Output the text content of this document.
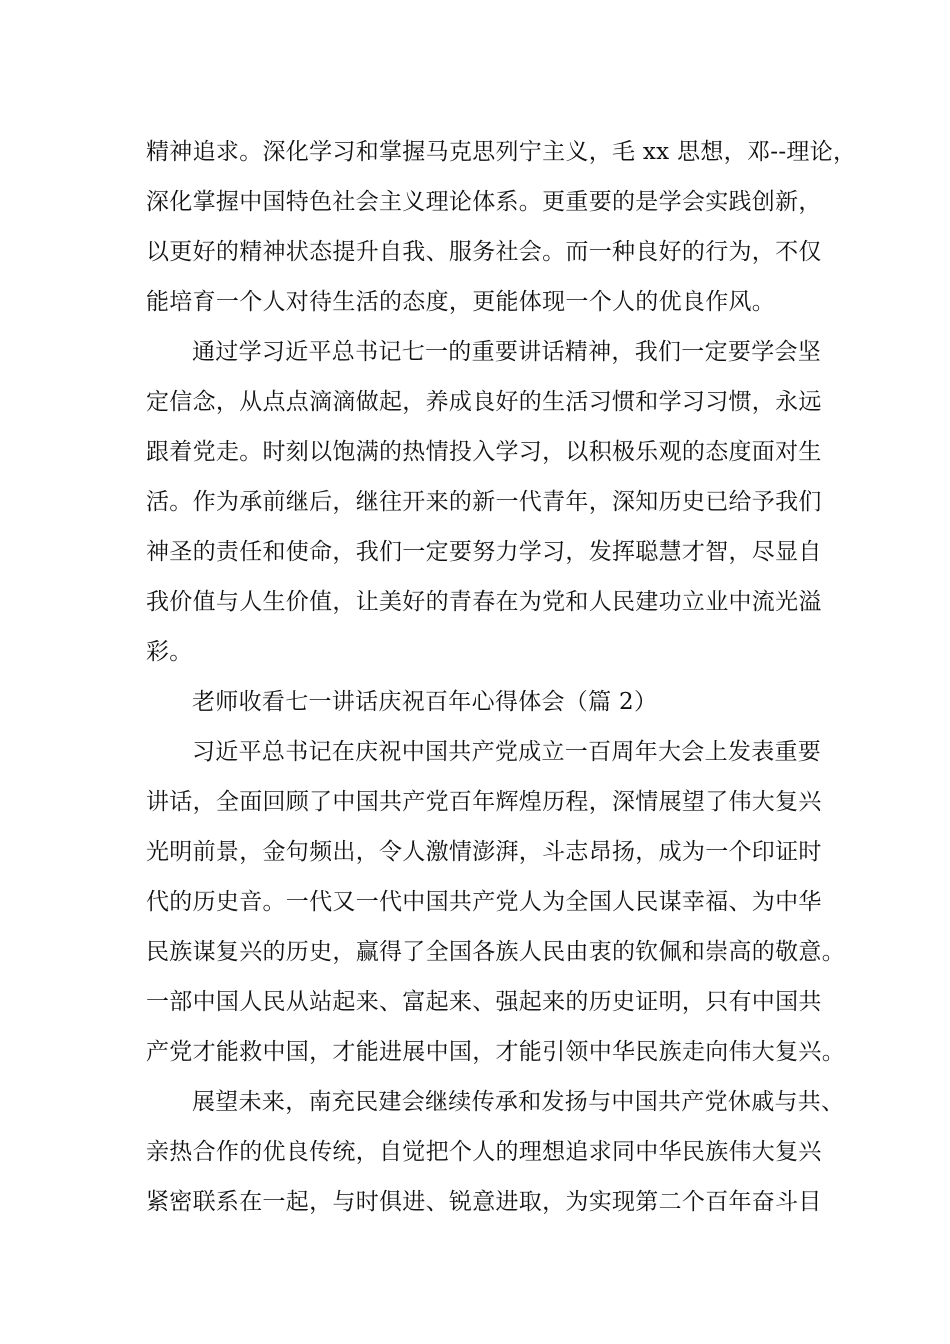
精神追求。深化学习和掌握马克思列宁主义，毛 xx 思想，邓--理论，
深化掌握中国特色社会主义理论体系。更重要的是学会实践创新，
以更好的精神状态提升自我、服务社会。而一种良好的行为，不仅
能培育一个人对待生活的态度，更能体现一个人的优良作风。
通过学习近平总书记七一的重要讲话精神，我们一定要学会坚
定信念，从点点滴滴做起，养成良好的生活习惯和学习习惯，永远
跟着党走。时刻以饱满的热情投入学习，以积极乐观的态度面对生
活。作为承前继后，继往开来的新一代青年，深知历史已给予我们
神圣的责任和使命，我们一定要努力学习，发挥聪慧才智，尽显自
我价值与人生价值，让美好的青春在为党和人民建功立业中流光溢
彩。
老师收看七一讲话庆祝百年心得体会（篇 2）
习近平总书记在庆祝中国共产党成立一百周年大会上发表重要
讲话，全面回顾了中国共产党百年辉煌历程，深情展望了伟大复兴
光明前景，金句频出，令人激情澎湃，斗志昂扬，成为一个印证时
代的历史音。一代又一代中国共产党人为全国人民谋幸福、为中华
民族谋复兴的历史，赢得了全国各族人民由衷的钦佩和崇高的敬意。
一部中国人民从站起来、富起来、强起来的历史证明，只有中国共
产党才能救中国，才能进展中国，才能引领中华民族走向伟大复兴。
展望未来，南充民建会继续传承和发扬与中国共产党休戚与共、
亲热合作的优良传统，自觉把个人的理想追求同中华民族伟大复兴
紧密联系在一起，与时俱进、锐意进取，为实现第二个百年奋斗目
